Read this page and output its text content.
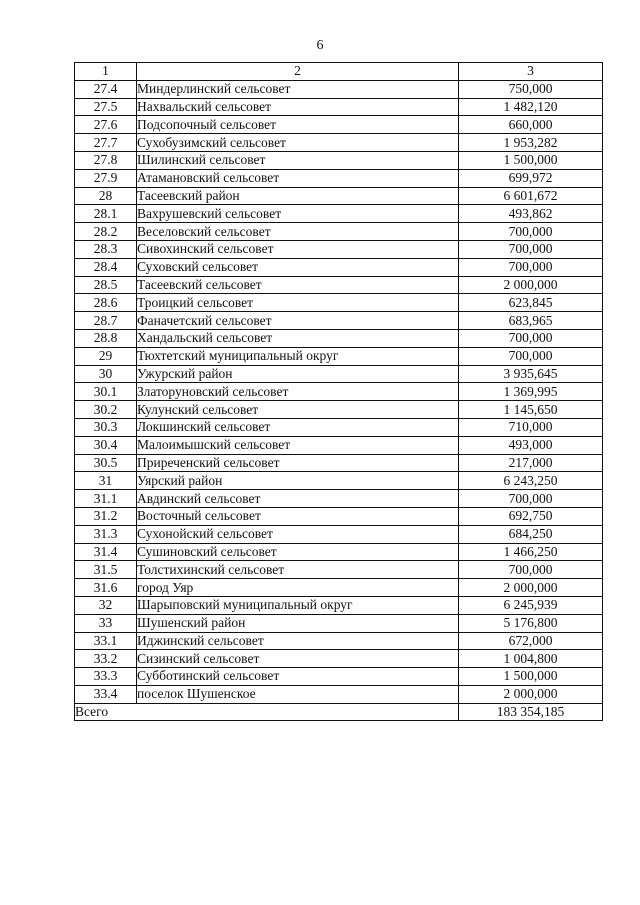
6
1	2	3
27.4	Миндерлинский сельсовет	750,000
27.5	Нахвальский сельсовет	1 482,120
27.6	Подсопочный сельсовет	660,000
27.7	Сухобузимский сельсовет	1 953,282
27.8	Шилинский сельсовет	1 500,000
27.9	Атамановский сельсовет	699,972
28	Тасеевский район	6 601,672
28.1	Вахрушевский сельсовет	493,862
28.2	Веселовский сельсовет	700,000
28.3	Сивохинский сельсовет	700,000
28.4	Суховский сельсовет	700,000
28.5	Тасеевский сельсовет	2 000,000
28.6	Троицкий сельсовет	623,845
28.7	Фаначетский сельсовет	683,965
28.8	Хандальский сельсовет	700,000
29	Тюхтетский муниципальный округ	700,000
30	Ужурский район	3 935,645
30.1	Златоруновский сельсовет	1 369,995
30.2	Кулунский сельсовет	1 145,650
30.3	Локшинский сельсовет	710,000
30.4	Малоимышский сельсовет	493,000
30.5	Приреченский сельсовет	217,000
31	Уярский район	6 243,250
31.1	Авдинский сельсовет	700,000
31.2	Восточный сельсовет	692,750
31.3	Сухонойский сельсовет	684,250
31.4	Сушиновский сельсовет	1 466,250
31.5	Толстихинский сельсовет	700,000
31.6	город Уяр	2 000,000
32	Шарыповский муниципальный округ	6 245,939
33	Шушенский район	5 176,800
33.1	Иджинский сельсовет	672,000
33.2	Сизинский сельсовет	1 004,800
33.3	Субботинский сельсовет	1 500,000
33.4	поселок Шушенское	2 000,000
Всего		183 354,185
